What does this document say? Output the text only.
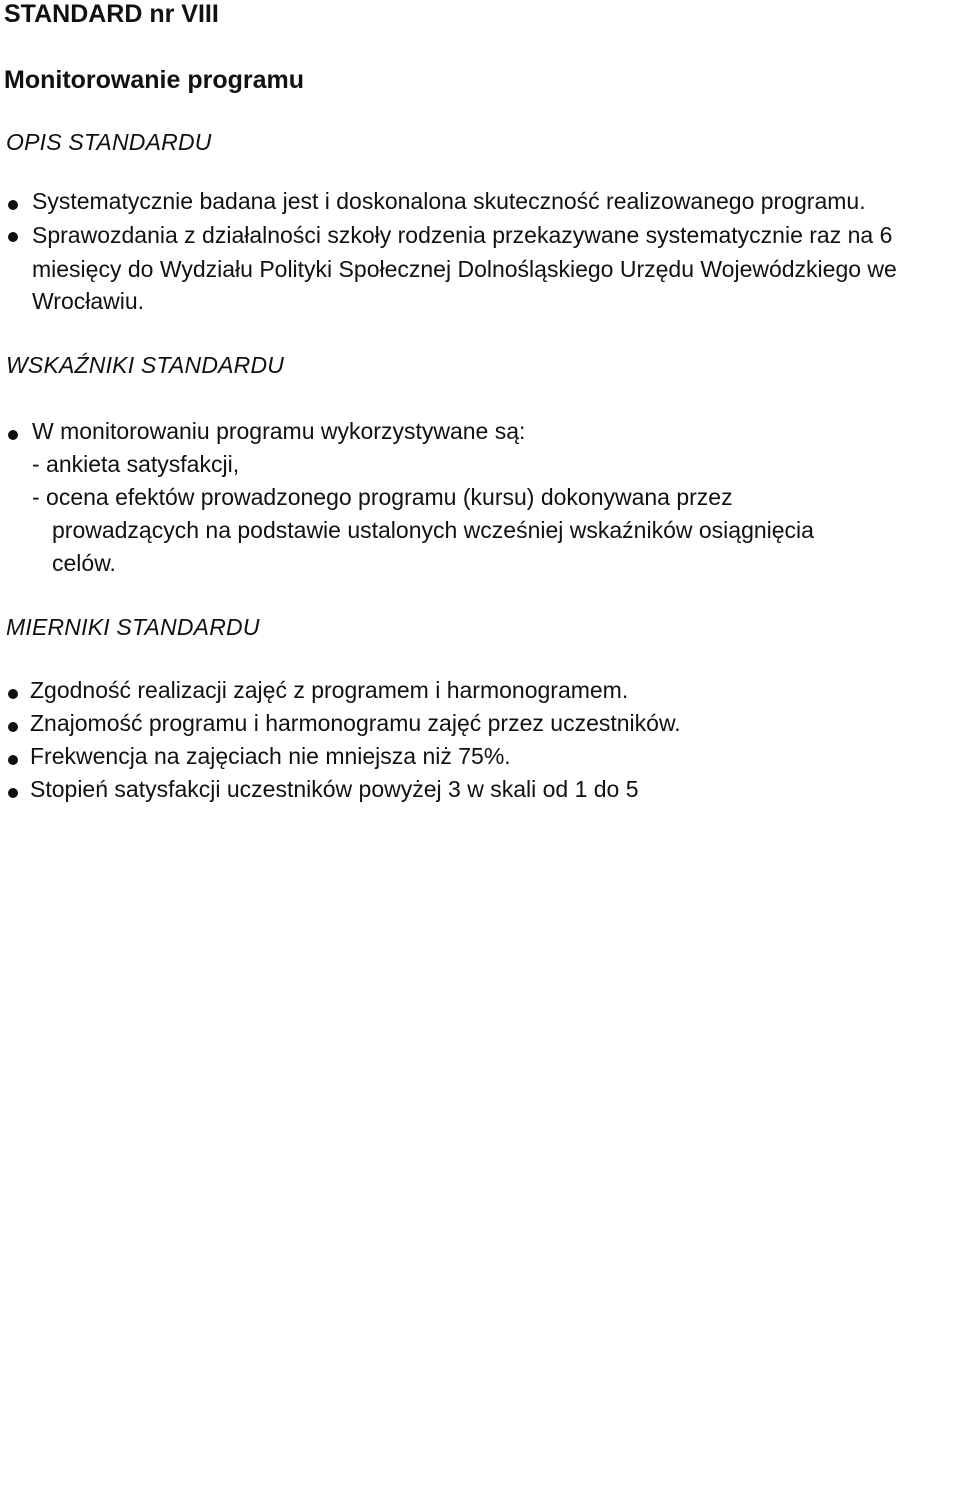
STANDARD nr VIII
Monitorowanie programu
OPIS STANDARDU
Systematycznie badana jest i doskonalona skuteczność realizowanego programu.
Sprawozdania z działalności szkoły rodzenia przekazywane systematycznie raz na 6
miesięcy do Wydziału Polityki Społecznej Dolnośląskiego Urzędu Wojewódzkiego we
Wrocławiu.
WSKAŹNIKI STANDARDU
W monitorowaniu programu wykorzystywane są:
- ankieta satysfakcji,
- ocena efektów prowadzonego programu (kursu) dokonywana przez
prowadzących na podstawie ustalonych wcześniej wskaźników osiągnięcia
celów.
MIERNIKI STANDARDU
Zgodność realizacji zajęć z programem i harmonogramem.
Znajomość programu i harmonogramu zajęć przez uczestników.
Frekwencja na zajęciach nie mniejsza niż 75%.
Stopień satysfakcji uczestników powyżej 3 w skali od 1 do 5
